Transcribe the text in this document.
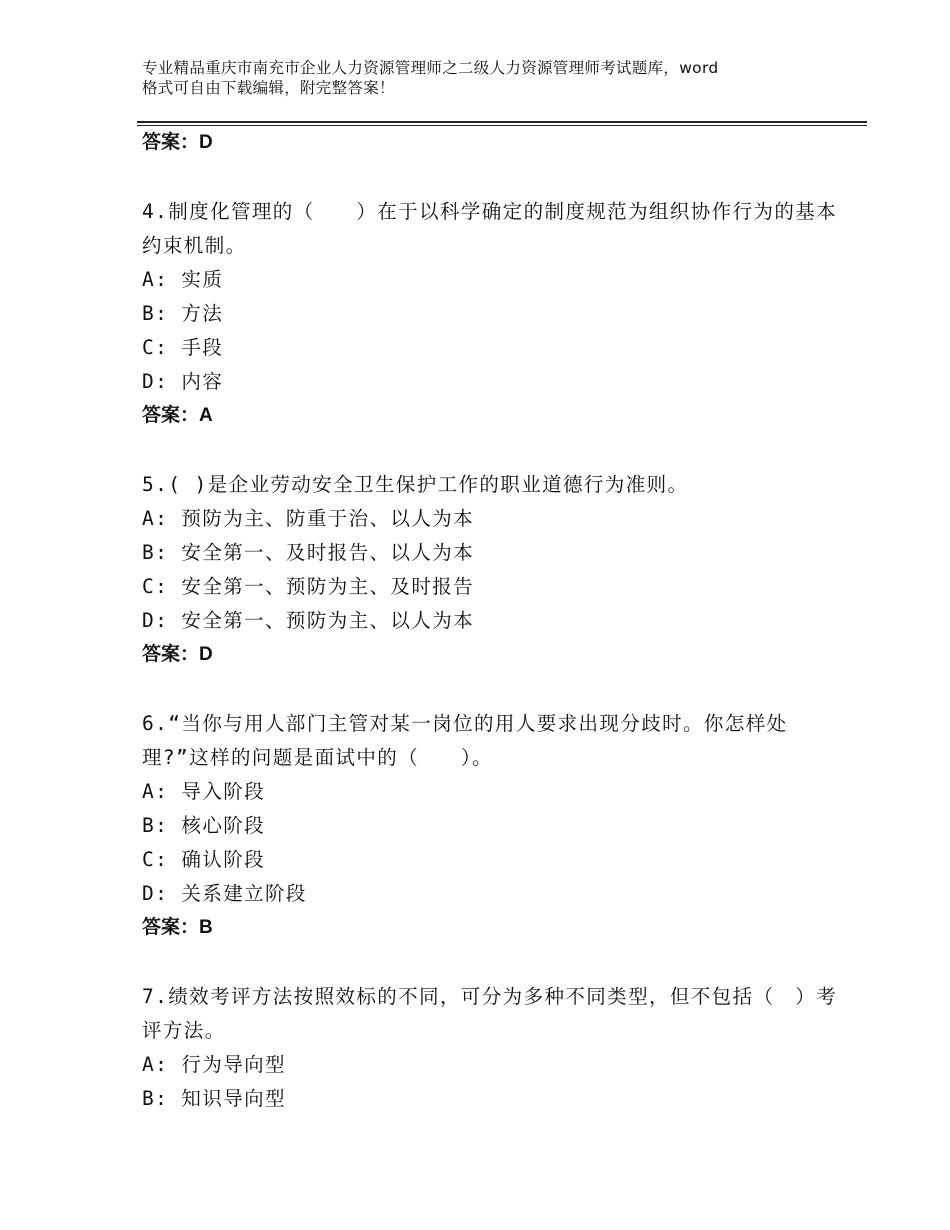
专业精品重庆市南充市企业人力资源管理师之二级人力资源管理师考试题库，word
格式可自由下载编辑，附完整答案！
答案：D
4.制度化管理的（　　）在于以科学确定的制度规范为组织协作行为的基本约束机制。
A: 实质
B: 方法
C: 手段
D: 内容
答案：A
5.( )是企业劳动安全卫生保护工作的职业道德行为准则。
A: 预防为主、防重于治、以人为本
B: 安全第一、及时报告、以人为本
C: 安全第一、预防为主、及时报告
D: 安全第一、预防为主、以人为本
答案：D
6.“当你与用人部门主管对某一岗位的用人要求出现分歧时。你怎样处理?”这样的问题是面试中的（　　）。
A: 导入阶段
B: 核心阶段
C: 确认阶段
D: 关系建立阶段
答案：B
7.绩效考评方法按照效标的不同，可分为多种不同类型，但不包括（　）考评方法。
A: 行为导向型
B: 知识导向型
